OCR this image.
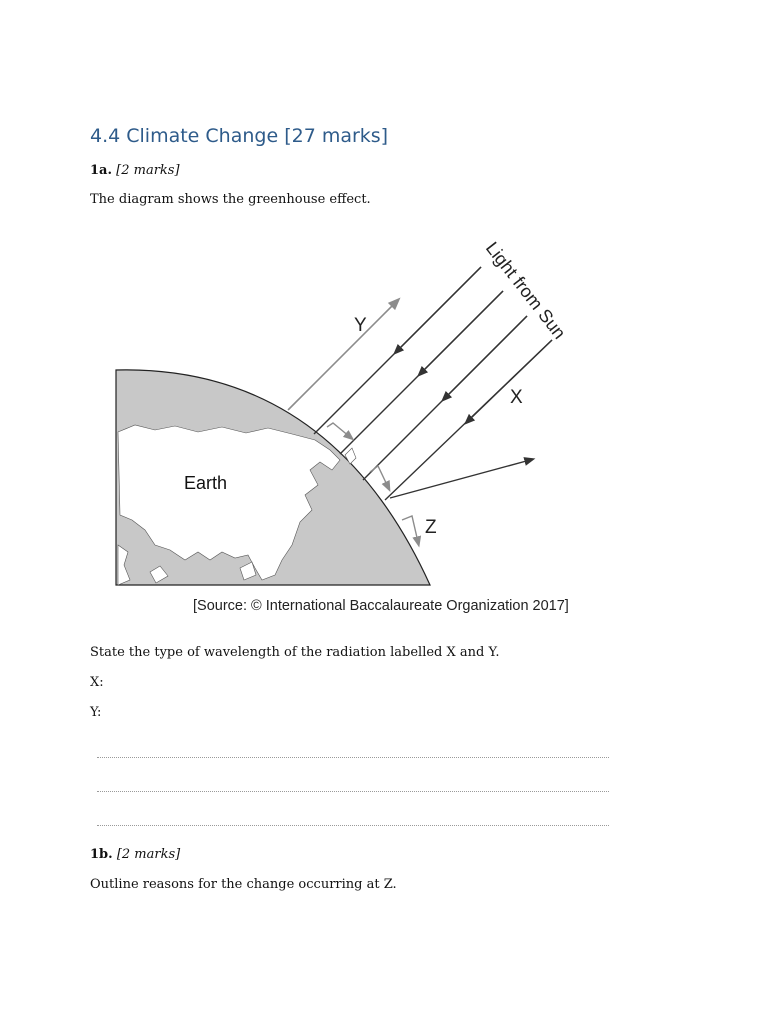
4.4 Climate Change [27 marks]
1a. [2 marks]

The diagram shows the greenhouse effect.

Y
X
Z
Earth
Light from Sun
[Source: © International Baccalaureate Organization 2017]

State the type of wavelength of the radiation labelled X and Y.

X:

Y:

1b. [2 marks]

Outline reasons for the change occurring at Z.
